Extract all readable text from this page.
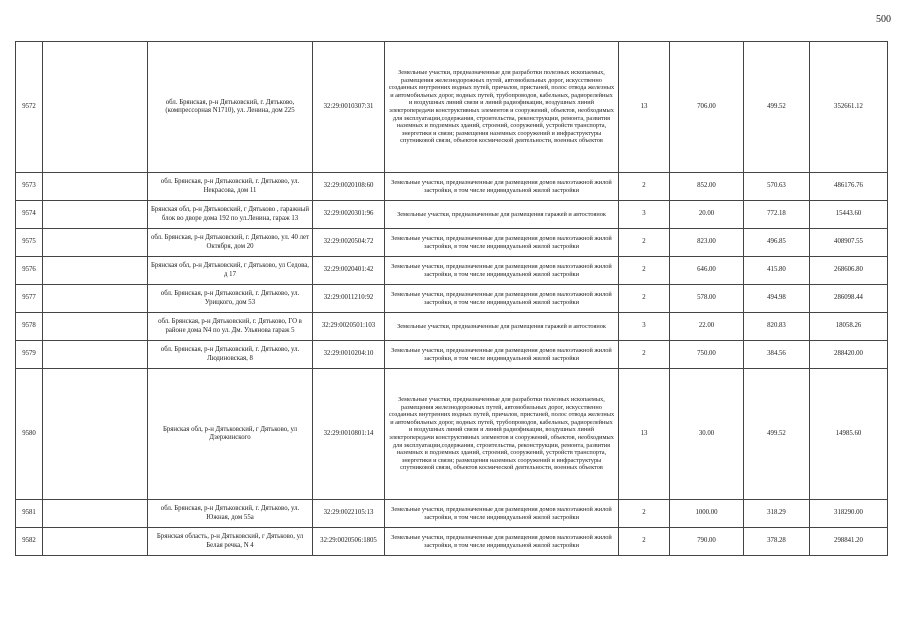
500
9572		обл. Брянская, р-н Дятьковский, г. Дятьково, (компрессорная N1710), ул. Ленина, дом 225	32:29:0010307:31	Земельные участки, предназначенные для разработки полезных ископаемых, размещения железнодорожных путей, автомобильных дорог, искусственно созданных внутренних водных путей, причалов, пристаней, полос отвода железных и автомобильных дорог, водных путей, трубопроводов, кабельных, радиорелейных и воздушных линий связи и линий радиофикации, воздушных линий электропередачи конструктивных элементов и сооружений, объектов, необходимых для эксплуатации,содержания, строительства, реконструкции, ремонта, развития наземных и подземных зданий, строений, сооружений, устройств транспорта, энергетики и связи; размещения наземных сооружений и инфраструктуры спутниковой связи, объектов космической деятельности, военных объектов	13	706.00	499.52	352661.12
9573		обл. Брянская, р-н Дятьковский, г. Дятьково, ул. Некрасова, дом 11	32:29:0020108:60	Земельные участки, предназначенные для размещения домов малоэтажной жилой застройки, в том числе индивидуальной жилой застройки	2	852.00	570.63	486176.76
9574		Брянская обл, р-н Дятьковский, г Дятьково , гаражный блок во дворе дома 192 по ул.Ленина, гараж 13	32:29:0020301:96	Земельные участки, предназначенные для размещения гаражей и автостоянок	3	20.00	772.18	15443.60
9575		обл. Брянская, р-н Дятьковский, г. Дятьково, ул. 40 лет Октября, дом 20	32:29:0020504:72	Земельные участки, предназначенные для размещения домов малоэтажной жилой застройки, в том числе индивидуальной жилой застройки	2	823.00	496.85	408907.55
9576		Брянская обл, р-н Дятьковский, г Дятьково, ул Седова, д 17	32:29:0020401:42	Земельные участки, предназначенные для размещения домов малоэтажной жилой застройки, в том числе индивидуальной жилой застройки	2	646.00	415.80	268606.80
9577		обл. Брянская, р-н Дятьковский, г. Дятьково, ул. Урицкого, дом 53	32:29:0011210:92	Земельные участки, предназначенные для размещения домов малоэтажной жилой застройки, в том числе индивидуальной жилой застройки	2	578.00	494.98	286098.44
9578		обл. Брянская, р-н Дятьковский, г. Дятьково, ГО в районе дома N4 по ул. Дм. Ульянова гараж 5	32:29:0020501:103	Земельные участки, предназначенные для размещения гаражей и автостоянок	3	22.00	820.83	18058.26
9579		обл. Брянская, р-н Дятьковский, г. Дятьково, ул. Людиновская, 8	32:29:0010204:10	Земельные участки, предназначенные для размещения домов малоэтажной жилой застройки, в том числе индивидуальной жилой застройки	2	750.00	384.56	288420.00
9580		Брянская обл, р-н Дятьковский, г Дятьково, ул Дзержинского	32:29:0010801:14	Земельные участки, предназначенные для разработки полезных ископаемых, размещения железнодорожных путей, автомобильных дорог, искусственно созданных внутренних водных путей, причалов, пристаней, полос отвода железных и автомобильных дорог, водных путей, трубопроводов, кабельных, радиорелейных и воздушных линий связи и линий радиофикации, воздушных линий электропередачи конструктивных элементов и сооружений, объектов, необходимых для эксплуатации,содержания, строительства, реконструкции, ремонта, развития наземных и подземных зданий, строений, сооружений, устройств транспорта, энергетики и связи; размещения наземных сооружений и инфраструктуры спутниковой связи, объектов космической деятельности, военных объектов	13	30.00	499.52	14985.60
9581		обл. Брянская, р-н Дятьковский, г. Дятьково, ул. Южная, дом 55а	32:29:0022105:13	Земельные участки, предназначенные для размещения домов малоэтажной жилой застройки, в том числе индивидуальной жилой застройки	2	1000.00	318.29	318290.00
9582		Брянская область, р-н Дятьковский, г Дятьково, ул Белая речка, N 4	32:29:0020506:1805	Земельные участки, предназначенные для размещения домов малоэтажной жилой застройки, в том числе индивидуальной жилой застройки	2	790.00	378.28	298841.20
